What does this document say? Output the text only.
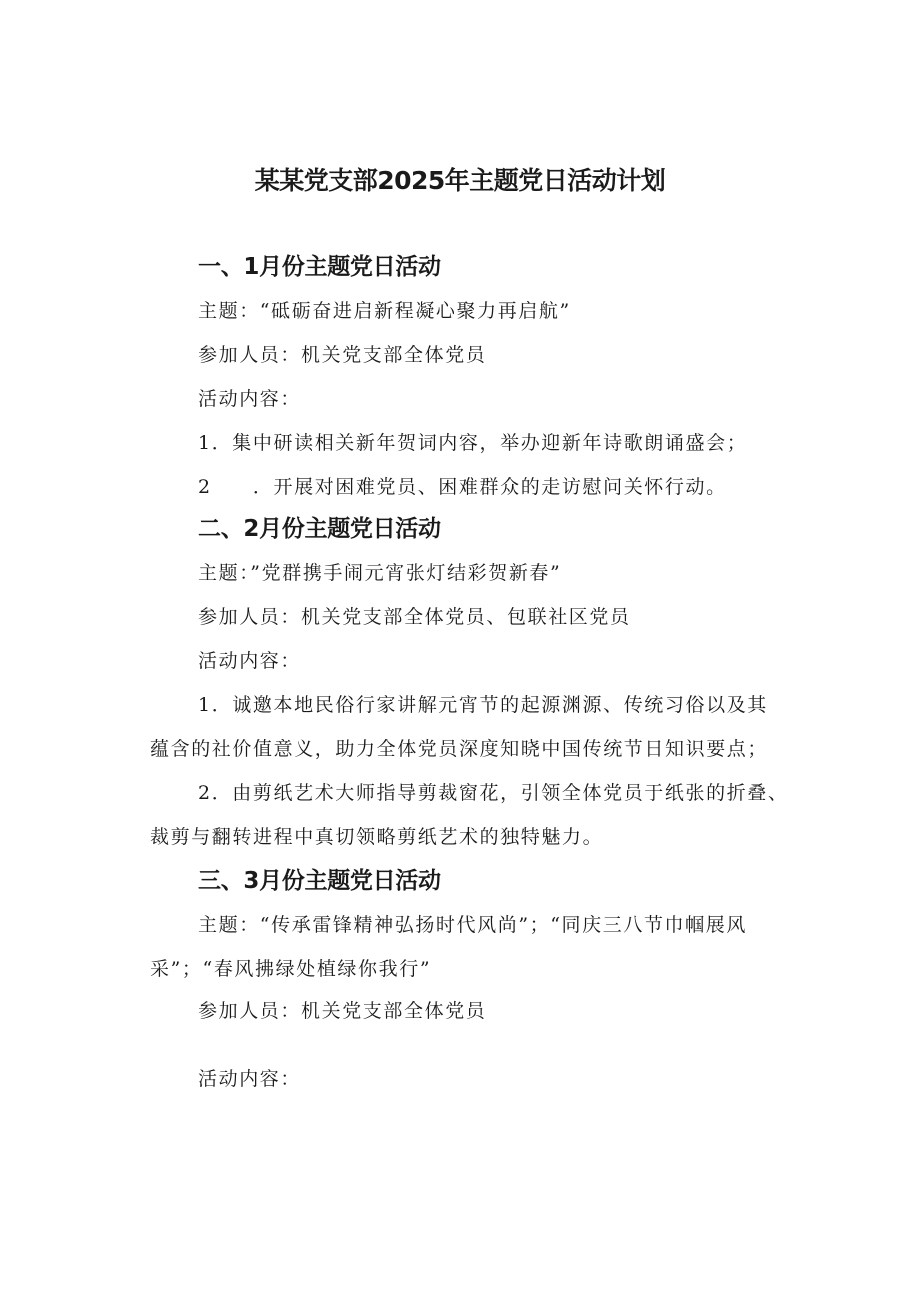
某某党支部2025年主题党日活动计划
一、1月份主题党日活动
主题：“砥砺奋进启新程凝心聚力再启航”
参加人员：机关党支部全体党员
活动内容：
1．集中研读相关新年贺词内容，举办迎新年诗歌朗诵盛会；
2　　．开展对困难党员、困难群众的走访慰问关怀行动。
二、2月份主题党日活动
主题：”党群携手闹元宵张灯结彩贺新春”
参加人员：机关党支部全体党员、包联社区党员
活动内容：
1．诚邀本地民俗行家讲解元宵节的起源渊源、传统习俗以及其
蕴含的社价值意义，助力全体党员深度知晓中国传统节日知识要点；
2．由剪纸艺术大师指导剪裁窗花，引领全体党员于纸张的折叠、
裁剪与翻转进程中真切领略剪纸艺术的独特魅力。
三、3月份主题党日活动
主题：“传承雷锋精神弘扬时代风尚”；“同庆三八节巾帼展风
采”；“春风拂绿处植绿你我行”
参加人员：机关党支部全体党员
活动内容：
